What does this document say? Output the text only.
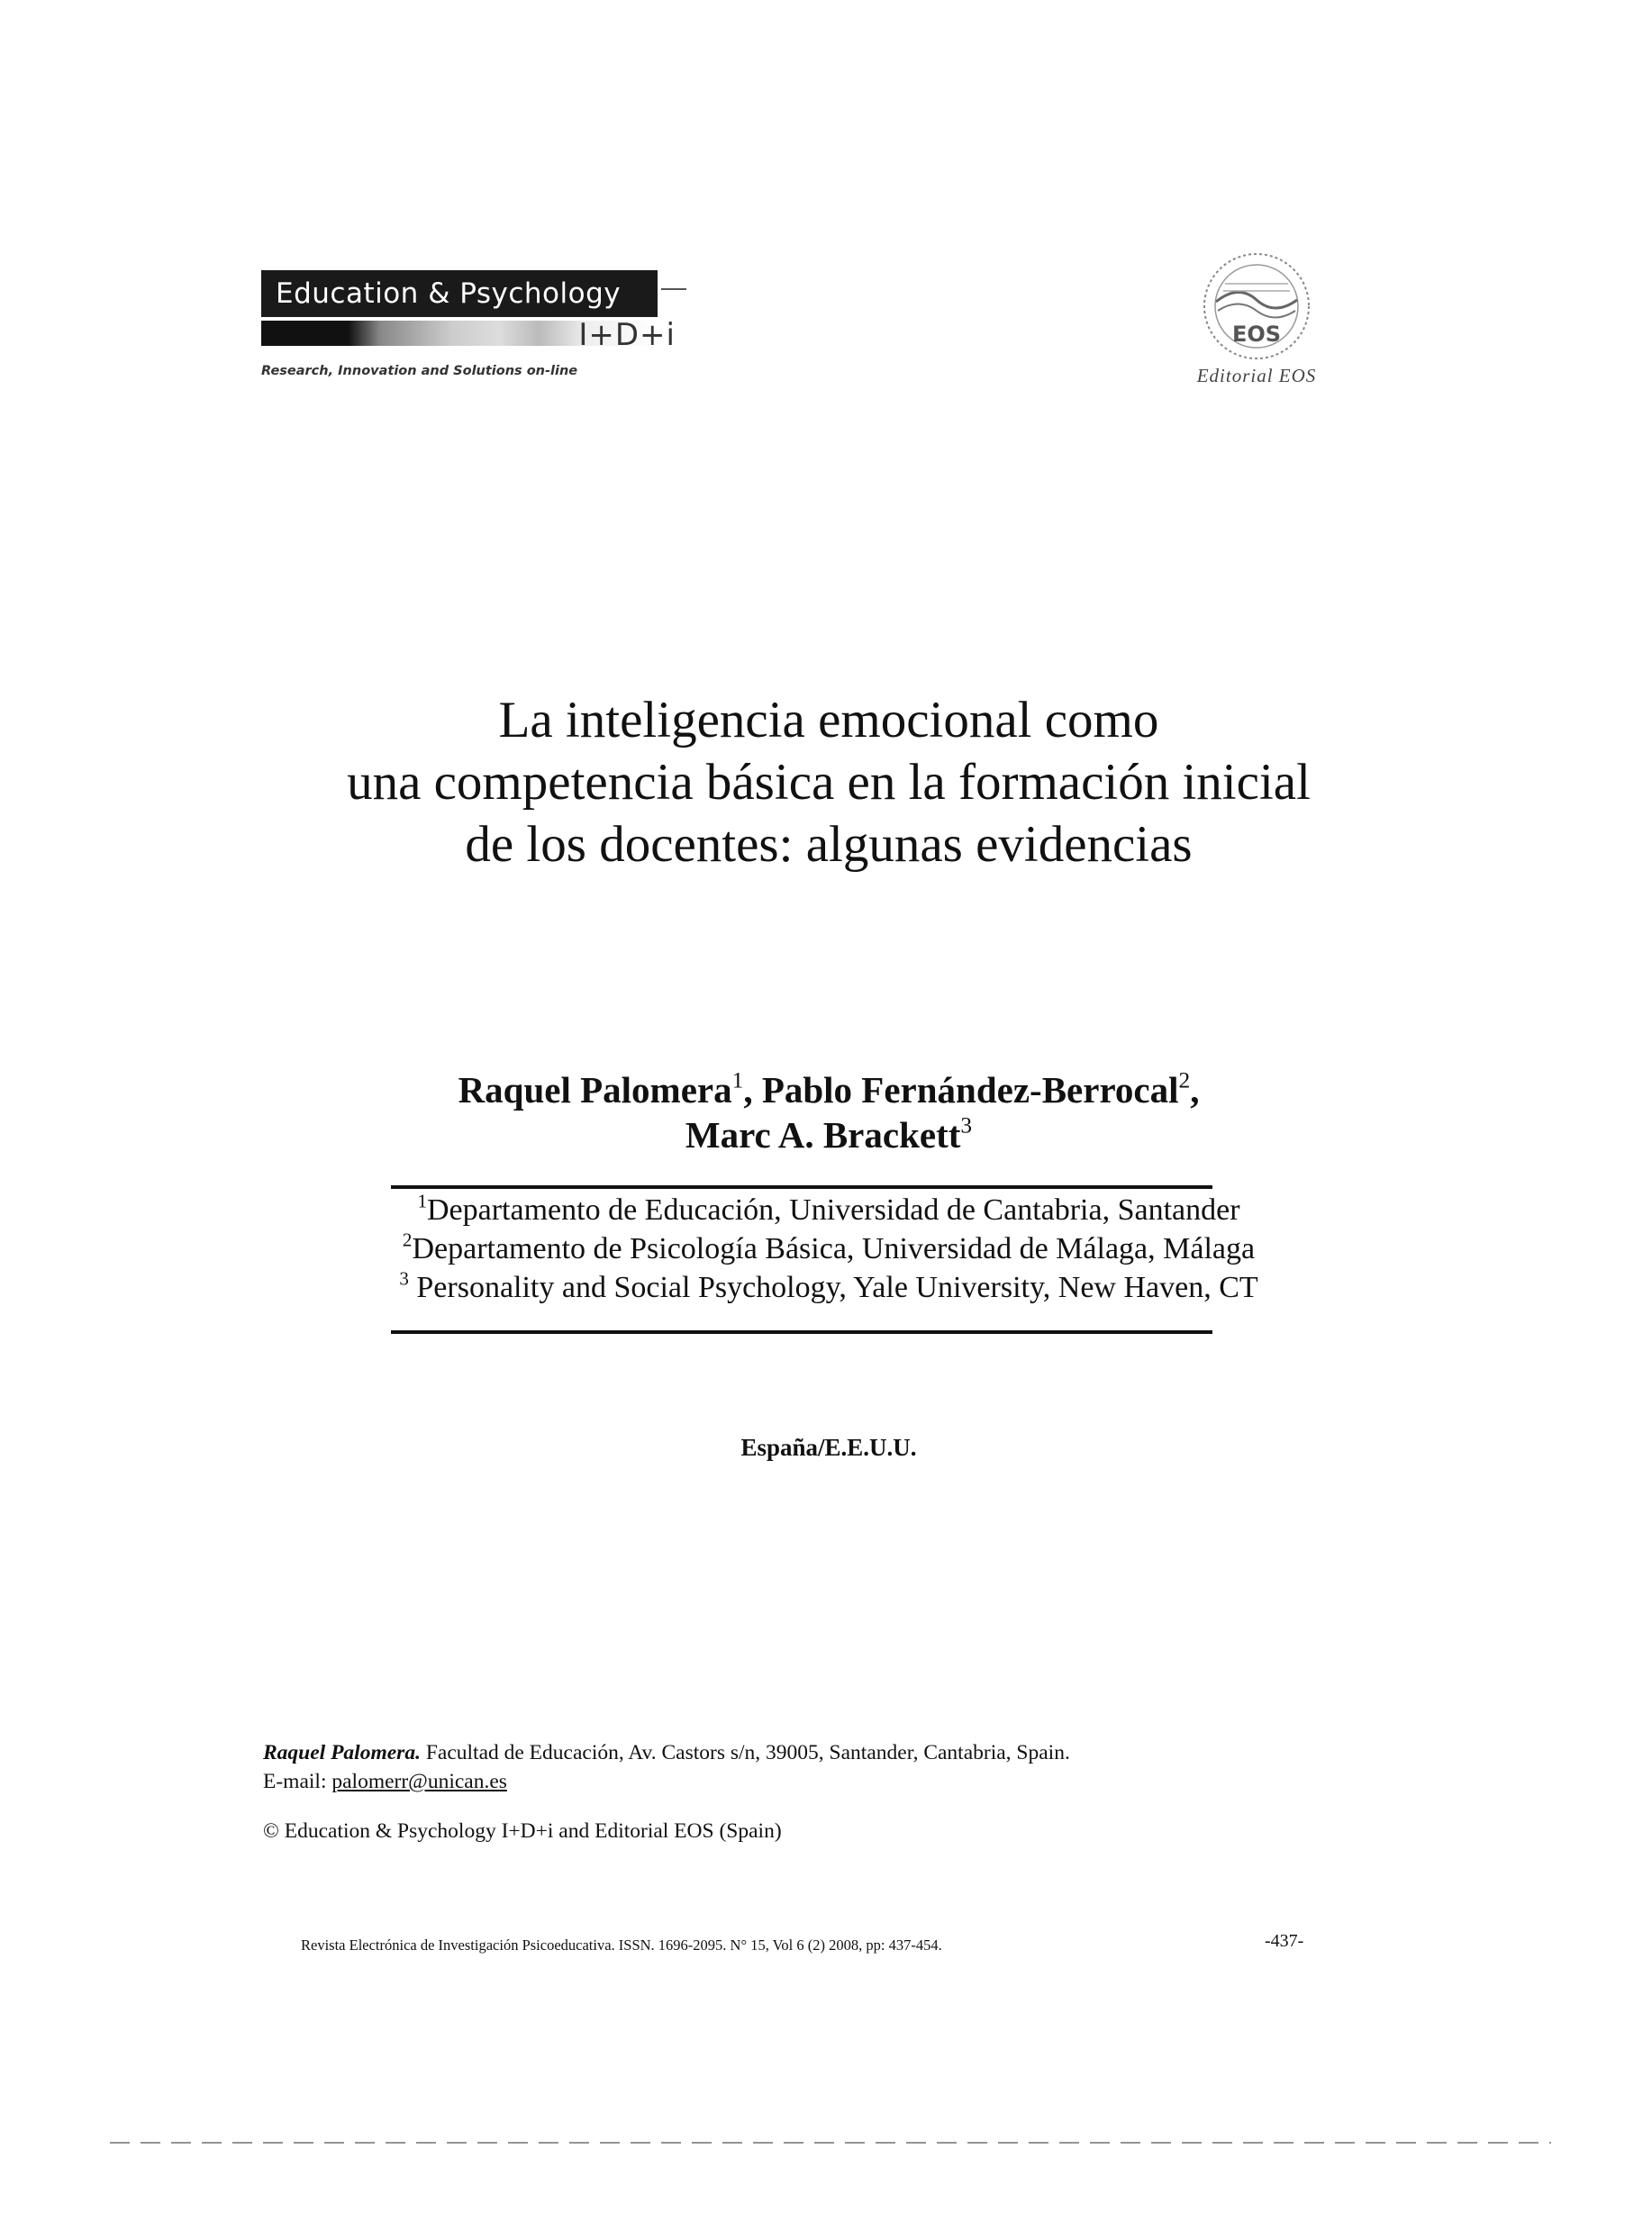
Education & Psychology
I+D+i
Research, Innovation and Solutions on-line
EOS
Editorial EOS
La inteligencia emocional como
una competencia básica en la formación inicial
de los docentes: algunas evidencias
Raquel Palomera$^1$, Pablo Fernández-Berrocal$^2$,
Marc A. Brackett$^3$
$^1$Departamento de Educación, Universidad de Cantabria, Santander
$^2$Departamento de Psicología Básica, Universidad de Málaga, Málaga
$^3$ Personality and Social Psychology, Yale University, New Haven, CT
España/E.E.U.U.
Raquel Palomera. Facultad de Educación, Av. Castors s/n, 39005, Santander, Cantabria, Spain.
E-mail: palomerr@unican.es
© Education & Psychology I+D+i and Editorial EOS (Spain)
Revista Electrónica de Investigación Psicoeducativa. ISSN. 1696-2095. N° 15, Vol 6 (2) 2008, pp: 437-454.	-437-
